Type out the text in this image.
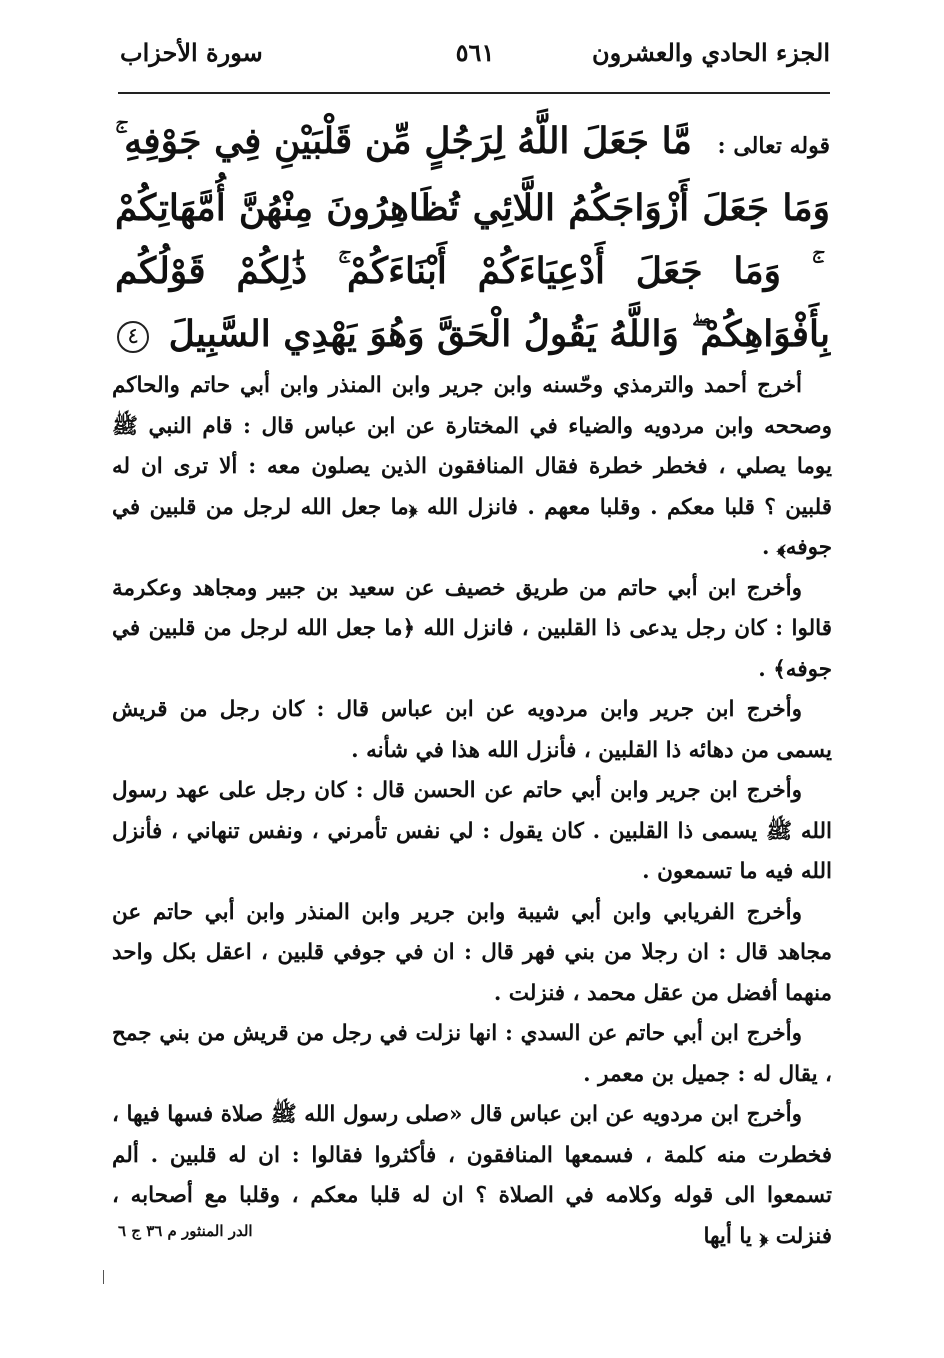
الجزء الحادي والعشرون
٥٦١
سورة الأحزاب
قوله تعالى : مَّا جَعَلَ اللَّهُ لِرَجُلٍ مِّن قَلْبَيْنِ فِي جَوْفِهِ ۚ وَمَا جَعَلَ أَزْوَاجَكُمُ اللَّائِي تُظَاهِرُونَ مِنْهُنَّ أُمَّهَاتِكُمْ ۚ وَمَا جَعَلَ أَدْعِيَاءَكُمْ أَبْنَاءَكُمْ ۚ ذَٰلِكُمْ قَوْلُكُم بِأَفْوَاهِكُمْ ۖ وَاللَّهُ يَقُولُ الْحَقَّ وَهُوَ يَهْدِي السَّبِيلَ ٤

أخرج أحمد والترمذي وحّسنه وابن جرير وابن المنذر وابن أبي حاتم والحاكم وصححه وابن مردويه والضياء في المختارة عن ابن عباس قال : قام النبي ﷺ يوما يصلي ، فخطر خطرة فقال المنافقون الذين يصلون معه : ألا ترى ان له قلبين ؟ قلبا معكم . وقلبا معهم . فانزل الله ﴿ما جعل الله لرجل من قلبين في جوفه﴾ .

وأخرج ابن أبي حاتم من طريق خصيف عن سعيد بن جبير ومجاهد وعكرمة قالوا : كان رجل يدعى ذا القلبين ، فانزل الله ﴿ما جعل الله لرجل من قلبين في جوفه﴾ .

وأخرج ابن جرير وابن مردويه عن ابن عباس قال : كان رجل من قريش يسمى من دهائه ذا القلبين ، فأنزل الله هذا في شأنه .

وأخرج ابن جرير وابن أبي حاتم عن الحسن قال : كان رجل على عهد رسول الله ﷺ يسمى ذا القلبين . كان يقول : لي نفس تأمرني ، ونفس تنهاني ، فأنزل الله فيه ما تسمعون .

وأخرج الفريابي وابن أبي شيبة وابن جرير وابن المنذر وابن أبي حاتم عن مجاهد قال : ان رجلا من بني فهر قال : ان في جوفي قلبين ، اعقل بكل واحد منهما أفضل من عقل محمد ، فنزلت .

وأخرج ابن أبي حاتم عن السدي : انها نزلت في رجل من قريش من بني جمح ، يقال له : جميل بن معمر .

وأخرج ابن مردويه عن ابن عباس قال «صلى رسول الله ﷺ صلاة فسها فيها ، فخطرت منه كلمة ، فسمعها المنافقون ، فأكثروا فقالوا : ان له قلبين . ألم تسمعوا الى قوله وكلامه في الصلاة ؟ ان له قلبا معكم ، وقلبا مع أصحابه ، فنزلت ﴿ يا أيها

الدر المنثور م ٣٦ ج ٦
